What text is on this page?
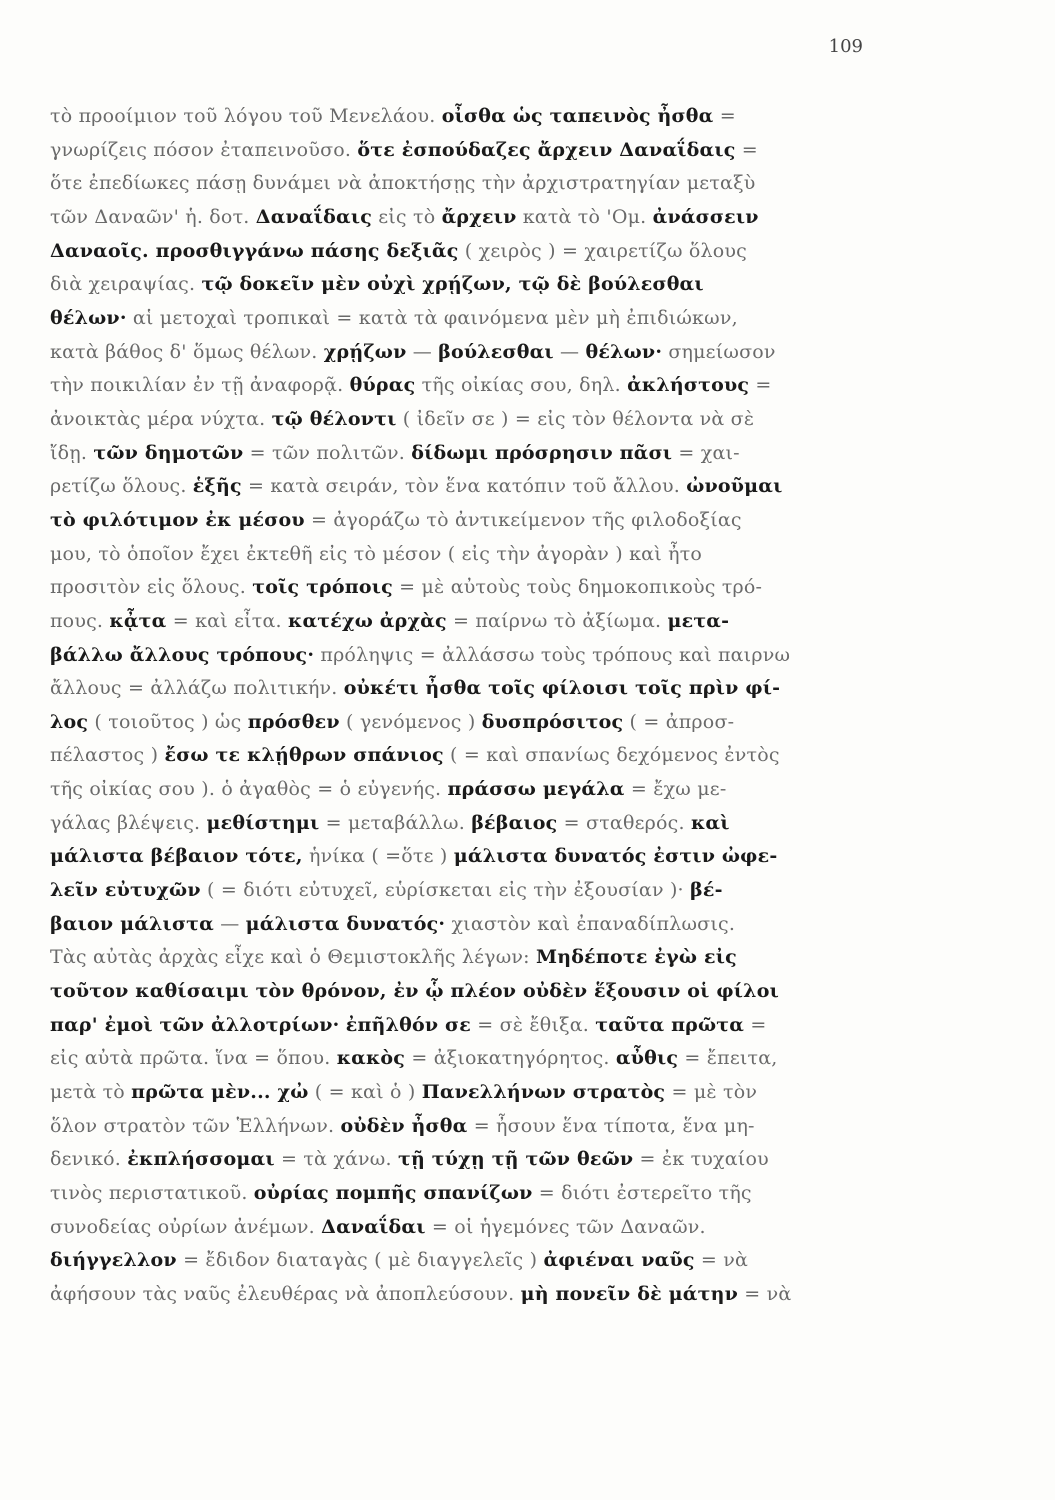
109
τὸ προοίμιον τοῦ λόγου τοῦ Μενελάου. οἶσθα ὡς ταπεινὸς ἦσθα =
γνωρίζεις πόσον ἐταπεινοῦσο. ὅτε ἐσπούδαζες ἄρχειν Δαναΐδαις =
ὅτε ἐπεδίωκες πάσῃ δυνάμει νὰ ἀποκτήσῃς τὴν ἀρχιστρατηγίαν μεταξὺ
τῶν Δαναῶν' ἡ. δοτ. Δαναΐδαις εἰς τὸ ἄρχειν κατὰ τὸ 'Ομ. ἀνάσσειν
Δαναοῖς. προσθιγγάνω πάσης δεξιᾶς ( χειρὸς ) = χαιρετίζω ὅλους
διὰ χειραψίας. τῷ δοκεῖν μὲν οὐχὶ χρῄζων, τῷ δὲ βούλεσθαι
θέλων· αἱ μετοχαὶ τροπικαὶ = κατὰ τὰ φαινόμενα μὲν μὴ ἐπιδιώκων,
κατὰ βάθος δ' ὅμως θέλων. χρῄζων — βούλεσθαι — θέλων· σημείωσον
τὴν ποικιλίαν ἐν τῇ ἀναφορᾷ. θύρας τῆς οἰκίας σου, δηλ. ἀκλήστους =
ἀνοικτὰς μέρα νύχτα. τῷ θέλοντι ( ἰδεῖν σε ) = εἰς τὸν θέλοντα νὰ σὲ
ἴδῃ. τῶν δημοτῶν = τῶν πολιτῶν. δίδωμι πρόσρησιν πᾶσι = χαι-
ρετίζω ὅλους. ἑξῆς = κατὰ σειράν, τὸν ἕνα κατόπιν τοῦ ἄλλου. ὠνοῦμαι
τὸ φιλότιμον ἐκ μέσου = ἀγοράζω τὸ ἀντικείμενον τῆς φιλοδοξίας
μου, τὸ ὁποῖον ἔχει ἐκτεθῆ εἰς τὸ μέσον ( εἰς τὴν ἀγορὰν ) καὶ ἦτο
προσιτὸν εἰς ὅλους. τοῖς τρόποις = μὲ αὐτοὺς τοὺς δημοκοπικοὺς τρό-
πους. κᾆτα = καὶ εἶτα. κατέχω ἀρχὰς = παίρνω τὸ ἀξίωμα. μετα-
βάλλω ἄλλους τρόπους· πρόληψις = ἀλλάσσω τοὺς τρόπους καὶ παιρνω
ἄλλους = ἀλλάζω πολιτικήν. οὐκέτι ἦσθα τοῖς φίλοισι τοῖς πρὶν φί-
λος ( τοιοῦτος ) ὡς πρόσθεν ( γενόμενος ) δυσπρόσιτος ( = ἀπροσ-
πέλαστος ) ἔσω τε κλῄθρων σπάνιος ( = καὶ σπανίως δεχόμενος ἐντὸς
τῆς οἰκίας σου ). ὁ ἀγαθὸς = ὁ εὐγενής. πράσσω μεγάλα = ἔχω με-
γάλας βλέψεις. μεθίστημι = μεταβάλλω. βέβαιος = σταθερός. καὶ
μάλιστα βέβαιον τότε, ἡνίκα ( =ὅτε ) μάλιστα δυνατός ἐστιν ὠφε-
λεῖν εὐτυχῶν ( = διότι εὐτυχεῖ, εὑρίσκεται εἰς τὴν ἐξουσίαν )· βέ-
βαιον μάλιστα — μάλιστα δυνατός· χιαστὸν καὶ ἐπαναδίπλωσις.
Τὰς αὐτὰς ἀρχὰς εἶχε καὶ ὁ Θεμιστοκλῆς λέγων: Μηδέποτε ἐγὼ εἰς
τοῦτον καθίσαιμι τὸν θρόνον, ἐν ᾧ πλέον οὐδὲν ἕξουσιν οἱ φίλοι
παρ' ἐμοὶ τῶν ἀλλοτρίων· ἐπῆλθόν σε = σὲ ἔθιξα. ταῦτα πρῶτα =
εἰς αὐτὰ πρῶτα. ἵνα = ὅπου. κακὸς = ἀξιοκατηγόρητος. αὖθις = ἔπειτα,
μετὰ τὸ πρῶτα μὲν... χὠ ( = καὶ ὁ ) Πανελλήνων στρατὸς = μὲ τὸν
ὅλον στρατὸν τῶν Ἑλλήνων. οὐδὲν ἦσθα = ἦσουν ἕνα τίποτα, ἕνα μη-
δενικό. ἐκπλήσσομαι = τὰ χάνω. τῇ τύχῃ τῇ τῶν θεῶν = ἐκ τυχαίου
τινὸς περιστατικοῦ. οὐρίας πομπῆς σπανίζων = διότι ἐστερεῖτο τῆς
συνοδείας οὐρίων ἀνέμων. Δαναΐδαι = οἱ ἡγεμόνες τῶν Δαναῶν.
διήγγελλον = ἔδιδον διαταγὰς ( μὲ διαγγελεῖς ) ἀφιέναι ναῦς = νὰ
ἀφήσουν τὰς ναῦς ἐλευθέρας νὰ ἀποπλεύσουν. μὴ πονεῖν δὲ μάτην = νὰ
